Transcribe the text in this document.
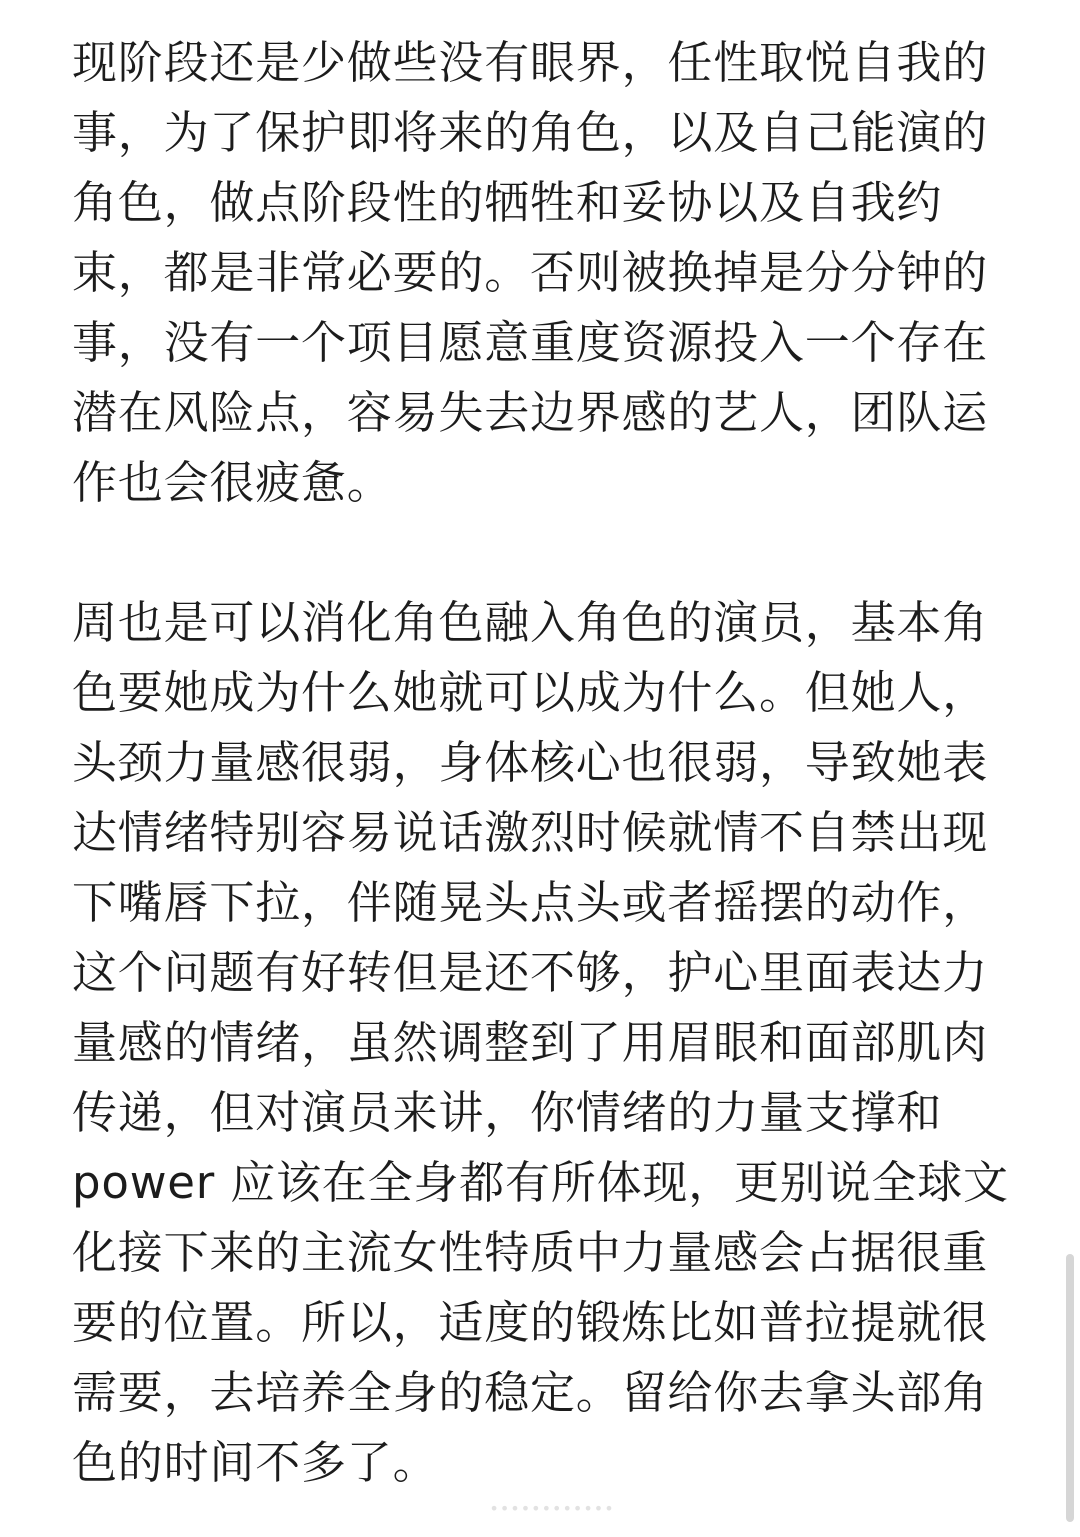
现阶段还是少做些没有眼界，任性取悦自我的
事，为了保护即将来的角色，以及自己能演的
角色，做点阶段性的牺牲和妥协以及自我约
束，都是非常必要的。否则被换掉是分分钟的
事，没有一个项目愿意重度资源投入一个存在
潜在风险点，容易失去边界感的艺人，团队运
作也会很疲惫。
周也是可以消化角色融入角色的演员，基本角
色要她成为什么她就可以成为什么。但她人，
头颈力量感很弱，身体核心也很弱，导致她表
达情绪特别容易说话激烈时候就情不自禁出现
下嘴唇下拉，伴随晃头点头或者摇摆的动作，
这个问题有好转但是还不够，护心里面表达力
量感的情绪，虽然调整到了用眉眼和面部肌肉
传递，但对演员来讲，你情绪的力量支撑和
power 应该在全身都有所体现，更别说全球文
化接下来的主流女性特质中力量感会占据很重
要的位置。所以，适度的锻炼比如普拉提就很
需要，去培养全身的稳定。留给你去拿头部角
色的时间不多了。
••••••••••••
